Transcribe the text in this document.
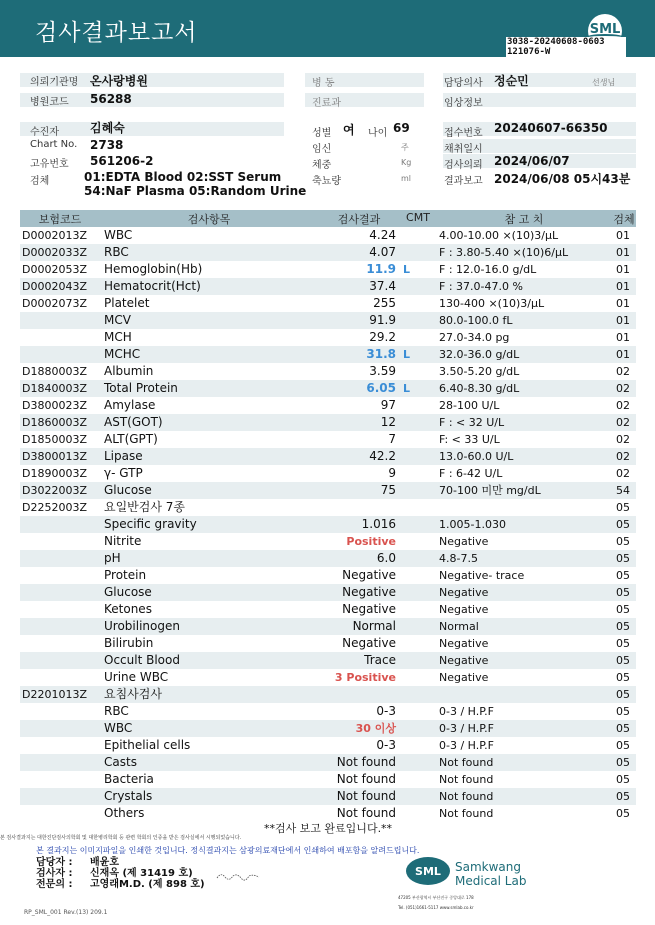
검사결과보고서	SML
3038-20240608-0603
121076-W
의뢰기관명 온사랑병원	병 동	담당의사 정순민	선생님
병원코드 56288	진료과	임상정보
수진자	김혜숙	성별 여 나이 69	접수번호 20240607-66350
Chart No. 2738	임신	주	채취일시
고유번호 561206-2	체중	Kg	검사의뢰 2024/06/07
검체	01:EDTA Blood 02:SST Serum
54:NaF Plasma 05:Random Urine
축뇨량	ml	결과보고 2024/06/08 05시43분
보험코드	검사항목	검사결과	CMT	참 고 치	검체
D0002013Z WBC	4.24	4.00-10.00 ×(10)3/μL	01
D0002033Z RBC	4.07	F : 3.80-5.40 ×(10)6/μL	01
D0002053Z Hemoglobin(Hb)	11.9 L	F : 12.0-16.0 g/dL	01
D0002043Z Hematocrit(Hct)	37.4	F : 37.0-47.0 %	01
D0002073Z Platelet	255	130-400 ×(10)3/μL	01
MCV	91.9	80.0-100.0 fL	01
MCH	29.2	27.0-34.0 pg	01
MCHC	31.8 L	32.0-36.0 g/dL	01
D1880003Z Albumin	3.59	3.50-5.20 g/dL	02
D1840003Z Total Protein	6.05 L	6.40-8.30 g/dL	02
D3800023Z Amylase	97	28-100 U/L	02
D1860003Z AST(GOT)	12	F : < 32 U/L	02
D1850003Z ALT(GPT)	7	F: < 33 U/L	02
D3800013Z Lipase	42.2	13.0-60.0 U/L	02
D1890003Z γ- GTP	9	F : 6-42 U/L	02
D3022003Z Glucose	75	70-100 미만 mg/dL	54
D2252003Z 요일반검사 7종	05
Specific gravity	1.016	1.005-1.030	05
Nitrite	Positive	Negative	05
pH	6.0	4.8-7.5	05
Protein	Negative	Negative- trace	05
Glucose	Negative	Negative	05
Ketones	Negative	Negative	05
Urobilinogen	Normal	Normal	05
Bilirubin	Negative	Negative	05
Occult Blood	Trace	Negative	05
Urine WBC	3 Positive	Negative	05
D2201013Z 요침사검사	05
RBC	0-3	0-3 / H.P.F	05
WBC	30 이상	0-3 / H.P.F	05
Epithelial cells	0-3	0-3 / H.P.F	05
Casts	Not found	Not found	05
Bacteria	Not found	Not found	05
Crystals	Not found	Not found	05
Others	Not found	Not found	05
**검사 보고 완료입니다.**
본 검사결과지는 대한진단검사의학회 및 대한병리학회 등 관련 학회의 인증을 받은 검사실에서 시행되었습니다.
본 결과지는 이미지파일을 인쇄한 것입니다. 정식결과지는 삼광의료재단에서 인쇄하여 배포함을 알려드립니다.
담당자 : 배윤호
검사자 : 신재옥 (제 31419 호)
전문의 : 고영래M.D. (제 898 호)
RP_SML_001 Rev.(13) 209.1
SML Samkwang
Medical Lab
47205 부산광역시 부산진구 중앙대로 178
Tel. (051)1661-5117 www.smlab.co.kr
